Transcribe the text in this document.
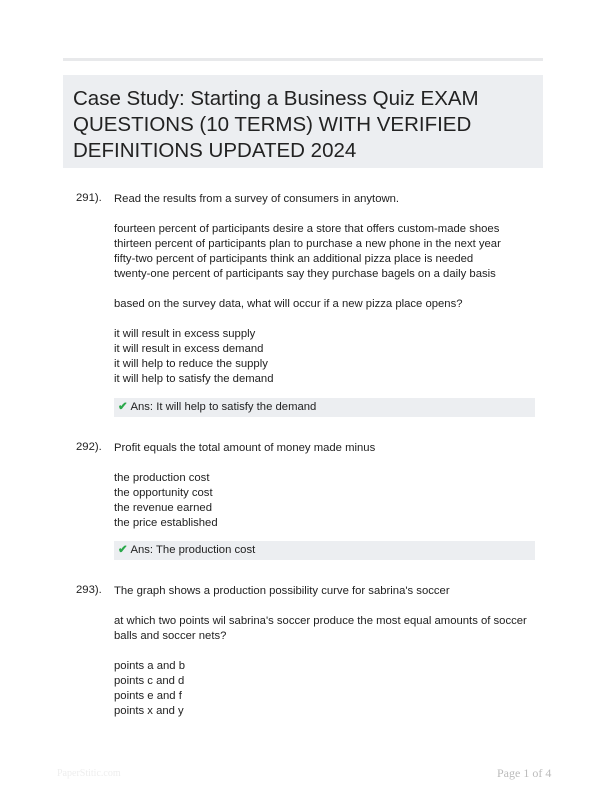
Case Study: Starting a Business Quiz EXAM QUESTIONS (10 TERMS) WITH VERIFIED DEFINITIONS UPDATED 2024
291). Read the results from a survey of consumers in anytown.

fourteen percent of participants desire a store that offers custom-made shoes
thirteen percent of participants plan to purchase a new phone in the next year
fifty-two percent of participants think an additional pizza place is needed
twenty-one percent of participants say they purchase bagels on a daily basis

based on the survey data, what will occur if a new pizza place opens?

it will result in excess supply
it will result in excess demand
it will help to reduce the supply
it will help to satisfy the demand

✔ Ans: It will help to satisfy the demand
292). Profit equals the total amount of money made minus

the production cost
the opportunity cost
the revenue earned
the price established

✔ Ans: The production cost
293). The graph shows a production possibility curve for sabrina's soccer

at which two points wil sabrina's soccer produce the most equal amounts of soccer balls and soccer nets?

points a and b
points c and d
points e and f
points x and y

PaperStitic.com	Page 1 of 4
